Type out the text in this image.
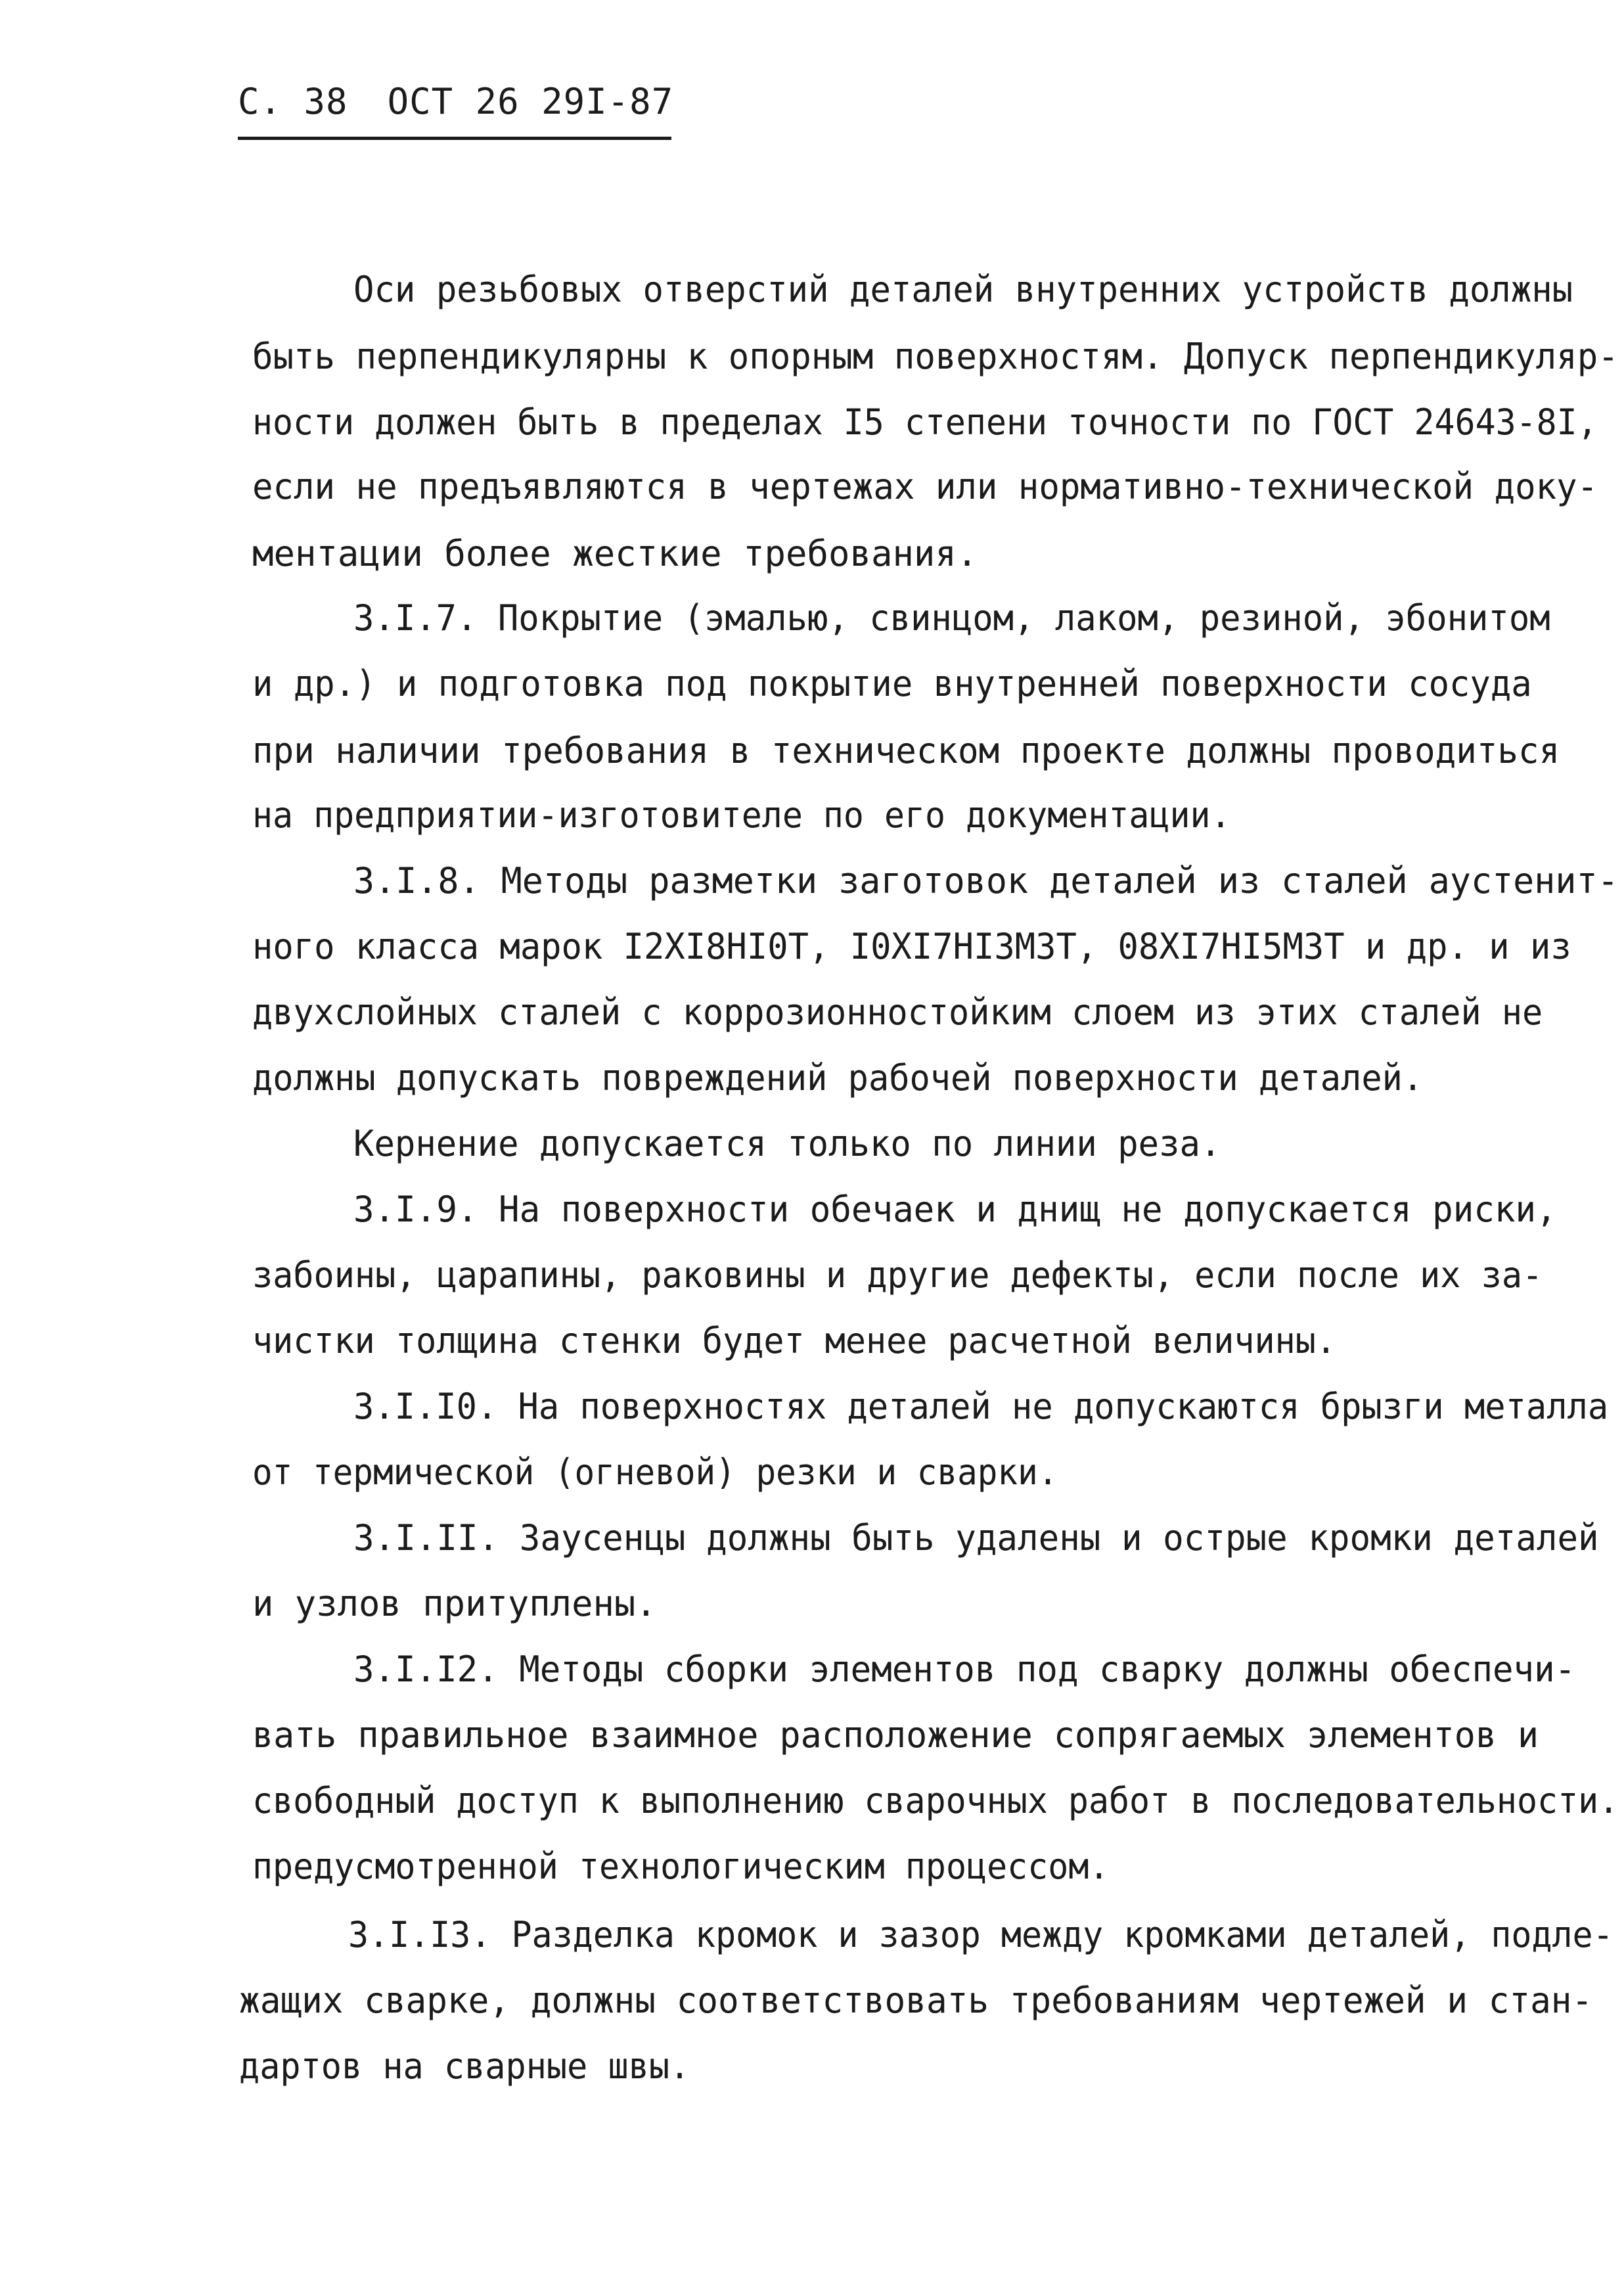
С. 38 ОСТ 26 29I-87
Оси резьбовых отверстий деталей внутренних устройств должны
быть перпендикулярны к опорным поверхностям. Допуск перпендикуляр-
ности должен быть в пределах I5 степени точности по ГОСТ 24643-8I,
если не предъявляются в чертежах или нормативно-технической доку-
ментации более жесткие требования.
3.I.7. Покрытие (эмалью, свинцом, лаком, резиной, эбонитом
и др.) и подготовка под покрытие внутренней поверхности сосуда
при наличии требования в техническом проекте должны проводиться
на предприятии-изготовителе по его документации.
3.I.8. Методы разметки заготовок деталей из сталей аустенит-
ного класса марок I2XI8HI0T, I0XI7HI3M3T, 08XI7HI5M3T и др. и из
двухслойных сталей с коррозионностойким слоем из этих сталей не
должны допускать повреждений рабочей поверхности деталей.
Кернение допускается только по линии реза.
3.I.9. На поверхности обечаек и днищ не допускается риски,
забоины, царапины, раковины и другие дефекты, если после их за-
чистки толщина стенки будет менее расчетной величины.
3.I.I0. На поверхностях деталей не допускаются брызги металла
от термической (огневой) резки и сварки.
3.I.II. Заусенцы должны быть удалены и острые кромки деталей
и узлов притуплены.
3.I.I2. Методы сборки элементов под сварку должны обеспечи-
вать правильное взаимное расположение сопрягаемых элементов и
свободный доступ к выполнению сварочных работ в последовательности.
предусмотренной технологическим процессом.
3.I.I3. Разделка кромок и зазор между кромками деталей, подле-
жащих сварке, должны соответствовать требованиям чертежей и стан-
дартов на сварные швы.
